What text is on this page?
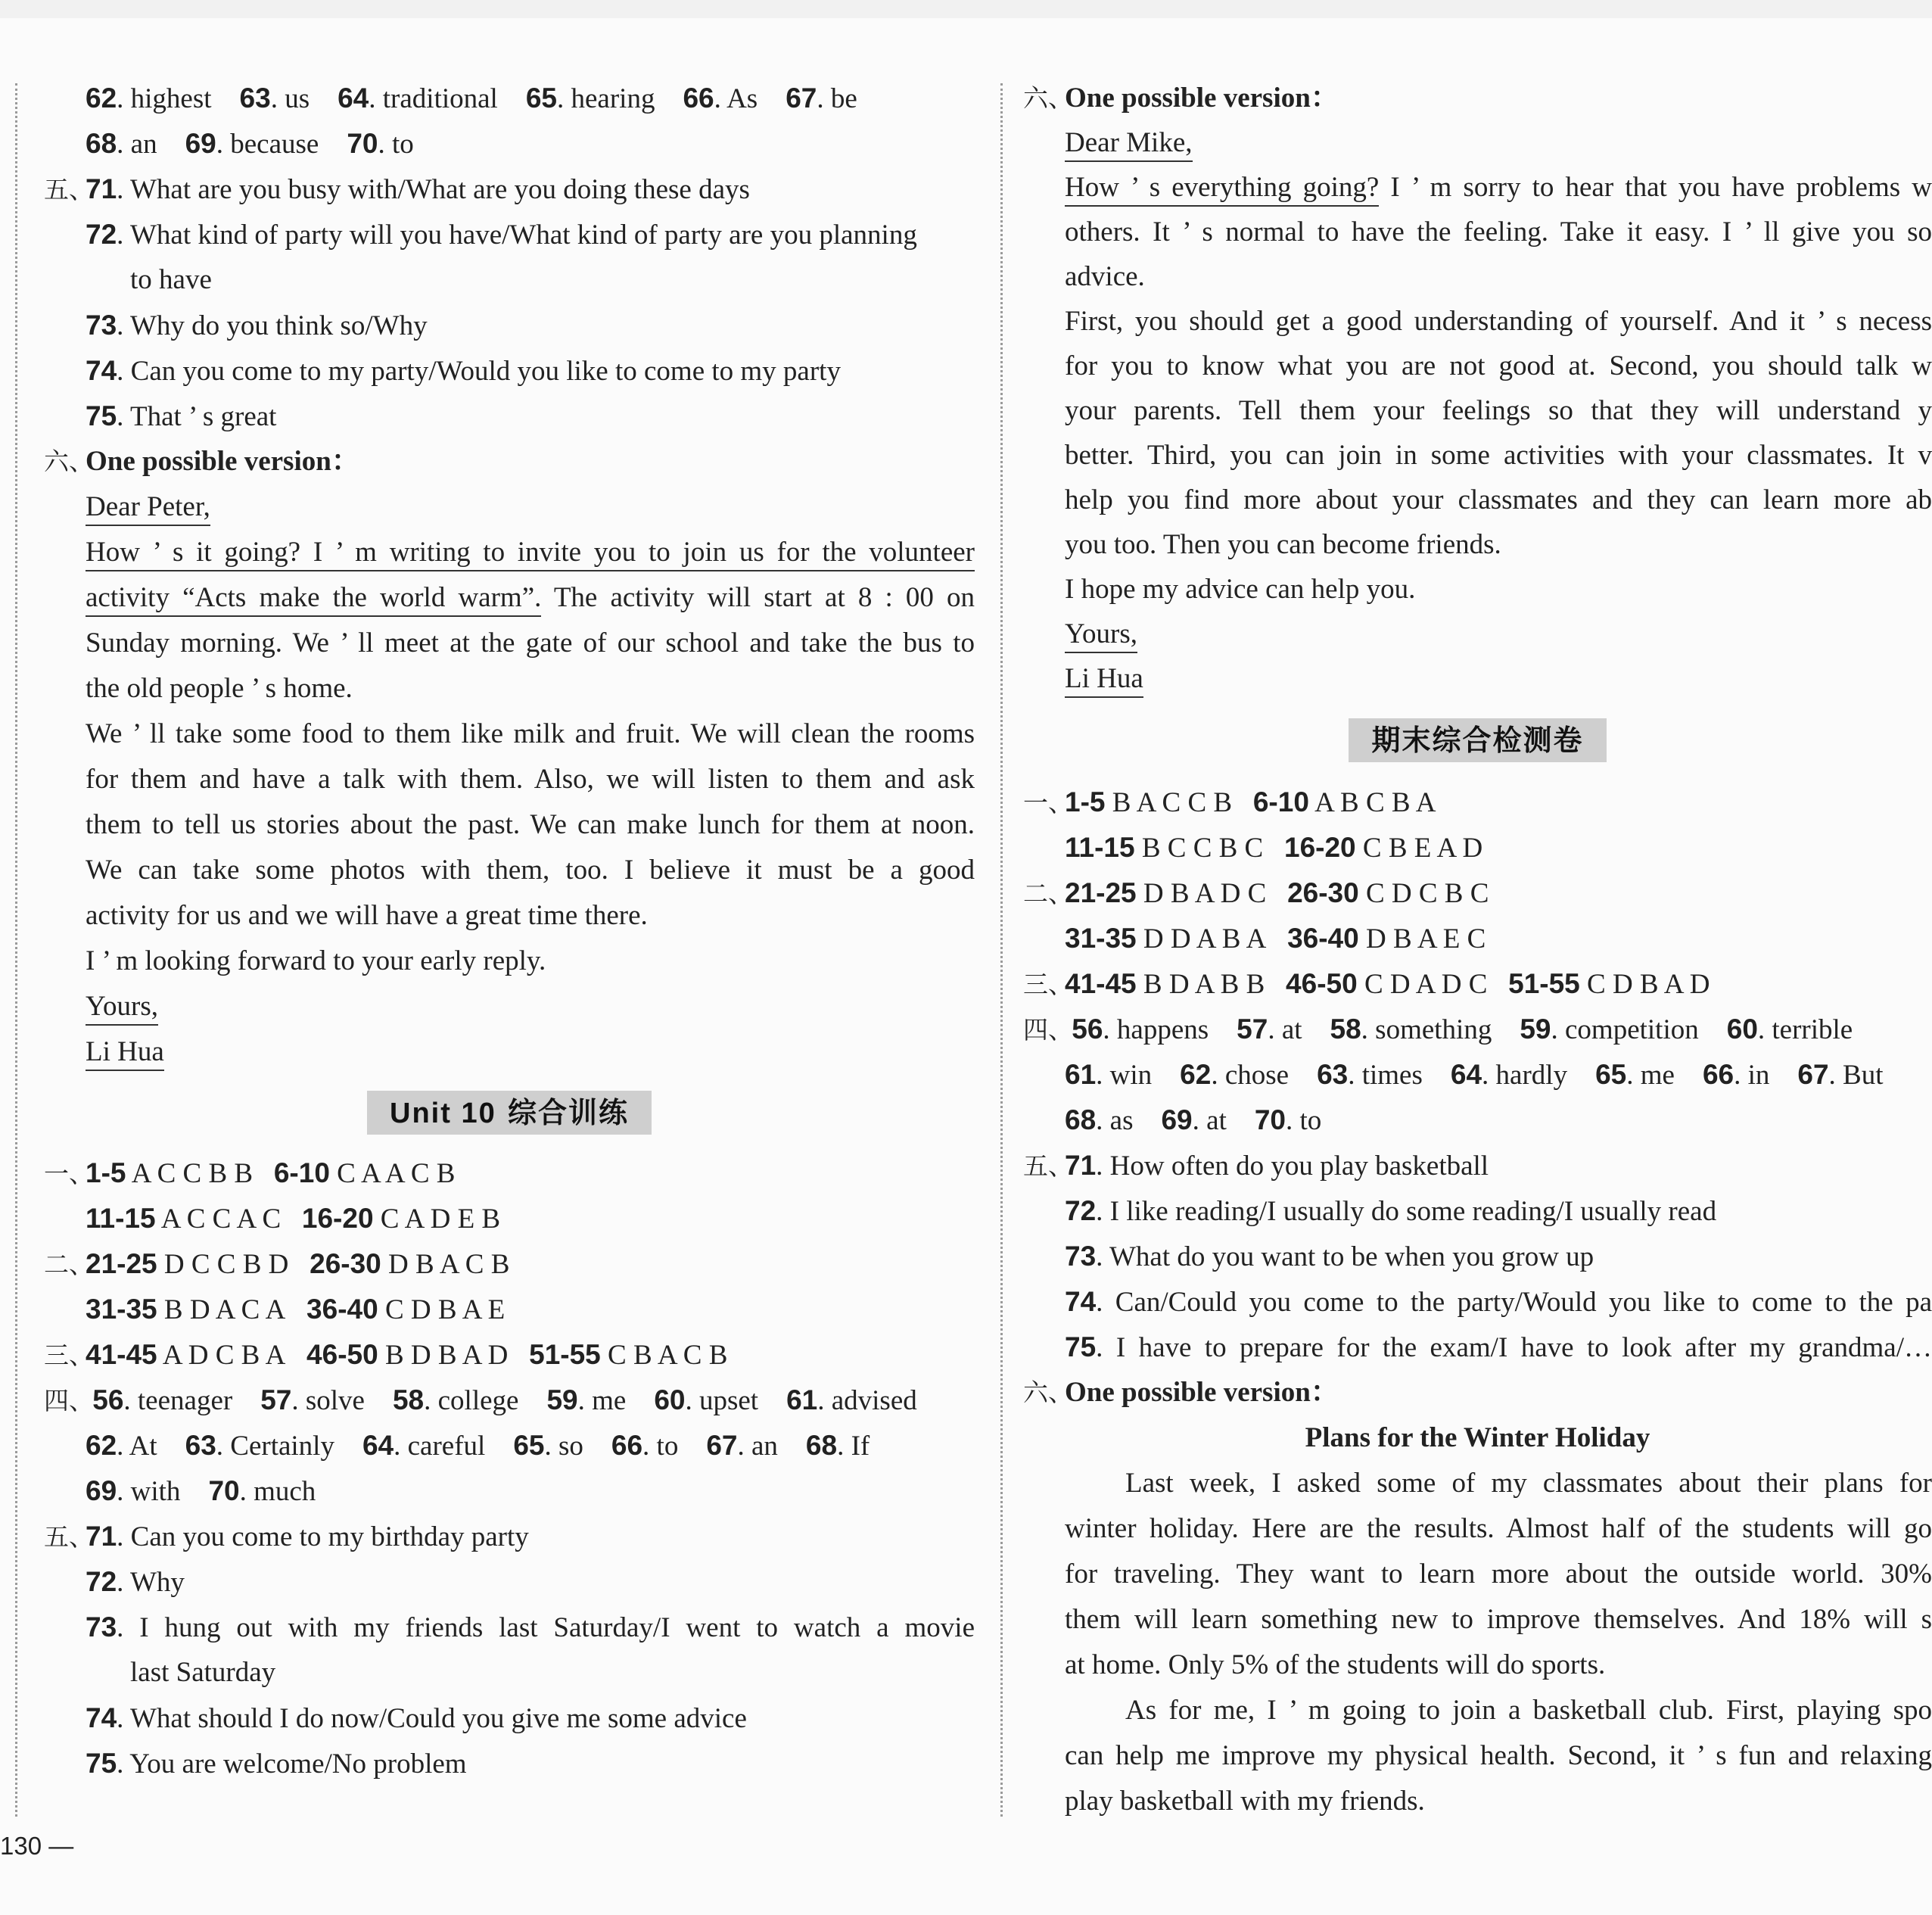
62. highest 63. us 64. traditional 65. hearing 66. As 67. be
68. an 69. because 70. to
五、71. What are you busy with/What are you doing these days
72. What kind of party will you have/What kind of party are you planning
to have
73. Why do you think so/Why
74. Can you come to my party/Would you like to come to my party
75. That ’ s great
六、One possible version：
Dear Peter,
How ’ s it going? I ’ m writing to invite you to join us for the volunteer
activity “Acts make the world warm”. The activity will start at 8 : 00 on
Sunday morning. We ’ ll meet at the gate of our school and take the bus to
the old people ’ s home.
We ’ ll take some food to them like milk and fruit. We will clean the rooms
for them and have a talk with them. Also, we will listen to them and ask
them to tell us stories about the past. We can make lunch for them at noon.
We can take some photos with them, too. I believe it must be a good
activity for us and we will have a great time there.
I ’ m looking forward to your early reply.
Yours,
Li Hua
Unit 10 综合训练
一、1-5 A C C B B 6-10 C A A C B
11-15 A C C A C 16-20 C A D E B
二、21-25 D C C B D 26-30 D B A C B
31-35 B D A C A 36-40 C D B A E
三、41-45 A D C B A 46-50 B D B A D 51-55 C B A C B
四、 56. teenager 57. solve 58. college 59. me 60. upset 61. advised
62. At 63. Certainly 64. careful 65. so 66. to 67. an 68. If
69. with 70. much
五、71. Can you come to my birthday party
72. Why
73. I hung out with my friends last Saturday/I went to watch a movie
last Saturday
74. What should I do now/Could you give me some advice
75. You are welcome/No problem
六、One possible version：
Dear Mike,
How ’ s everything going? I ’ m sorry to hear that you have problems w
others. It ’ s normal to have the feeling. Take it easy. I ’ ll give you so
advice.
First, you should get a good understanding of yourself. And it ’ s necess
for you to know what you are not good at. Second, you should talk w
your parents. Tell them your feelings so that they will understand y
better. Third, you can join in some activities with your classmates. It v
help you find more about your classmates and they can learn more ab
you too. Then you can become friends.
I hope my advice can help you.
Yours,
Li Hua
期末综合检测卷
一、1-5 B A C C B 6-10 A B C B A
11-15 B C C B C 16-20 C B E A D
二、21-25 D B A D C 26-30 C D C B C
31-35 D D A B A 36-40 D B A E C
三、41-45 B D A B B 46-50 C D A D C 51-55 C D B A D
四、 56. happens 57. at 58. something 59. competition 60. terrible
61. win 62. chose 63. times 64. hardly 65. me 66. in 67. But
68. as 69. at 70. to
五、71. How often do you play basketball
72. I like reading/I usually do some reading/I usually read
73. What do you want to be when you grow up
74. Can/Could you come to the party/Would you like to come to the pa
75. I have to prepare for the exam/I have to look after my grandma/…
六、One possible version：
Plans for the Winter Holiday
Last week, I asked some of my classmates about their plans for
winter holiday. Here are the results. Almost half of the students will go
for traveling. They want to learn more about the outside world. 30%
them will learn something new to improve themselves. And 18% will s
at home. Only 5% of the students will do sports.
As for me, I ’ m going to join a basketball club. First, playing spo
can help me improve my physical health. Second, it ’ s fun and relaxing
play basketball with my friends.
130 —
